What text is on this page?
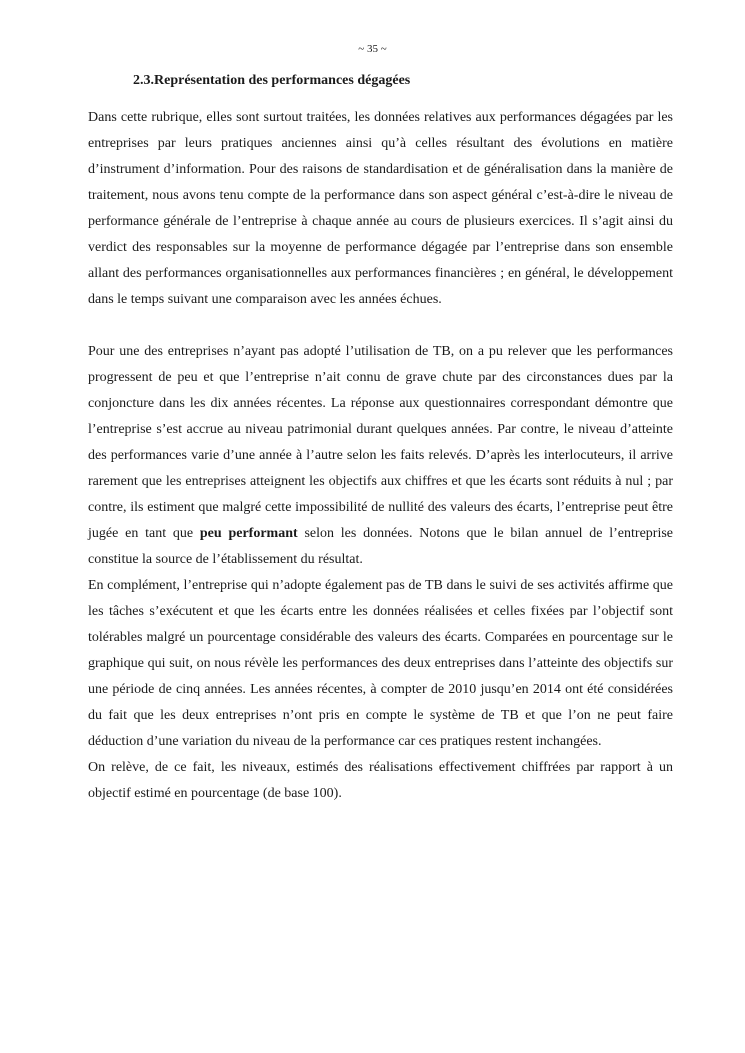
~ 35 ~
2.3.Représentation des performances dégagées

Dans cette rubrique, elles sont surtout traitées, les données relatives aux performances dégagées par les entreprises par leurs pratiques anciennes ainsi qu’à celles résultant des évolutions en matière d’instrument d’information. Pour des raisons de standardisation et de généralisation dans la manière de traitement, nous avons tenu compte de la performance dans son aspect général c’est-à-dire le niveau de performance générale de l’entreprise à chaque année au cours de plusieurs exercices. Il s’agit ainsi du verdict des responsables sur la moyenne de performance dégagée par l’entreprise dans son ensemble allant des performances organisationnelles aux performances financières ; en général, le développement dans le temps suivant une comparaison avec les années échues.

Pour une des entreprises n’ayant pas adopté l’utilisation de TB, on a pu relever que les performances progressent de peu et que l’entreprise n’ait connu de grave chute par des circonstances dues par la conjoncture dans les dix années récentes. La réponse aux questionnaires correspondant démontre que l’entreprise s’est accrue au niveau patrimonial durant quelques années. Par contre, le niveau d’atteinte des performances varie d’une année à l’autre selon les faits relevés. D’après les interlocuteurs, il arrive rarement que les entreprises atteignent les objectifs aux chiffres et que les écarts sont réduits à nul ; par contre, ils estiment que malgré cette impossibilité de nullité des valeurs des écarts, l’entreprise peut être jugée en tant que peu performant selon les données. Notons que le bilan annuel de l’entreprise constitue la source de l’établissement du résultat.

En complément, l’entreprise qui n’adopte également pas de TB dans le suivi de ses activités affirme que les tâches s’exécutent et que les écarts entre les données réalisées et celles fixées par l’objectif sont tolérables malgré un pourcentage considérable des valeurs des écarts. Comparées en pourcentage sur le graphique qui suit, on nous révèle les performances des deux entreprises dans l’atteinte des objectifs sur une période de cinq années. Les années récentes, à compter de 2010 jusqu’en 2014 ont été considérées du fait que les deux entreprises n’ont pris en compte le système de TB et que l’on ne peut faire déduction d’une variation du niveau de la performance car ces pratiques restent inchangées.

On relève, de ce fait, les niveaux, estimés des réalisations effectivement chiffrées par rapport à un objectif estimé en pourcentage (de base 100).
